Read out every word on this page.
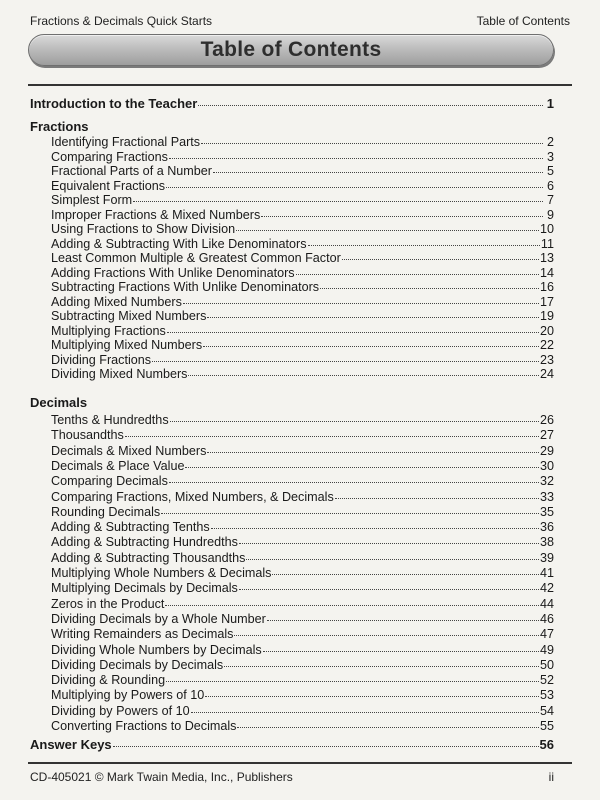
Fractions & Decimals Quick Starts	Table of Contents
Table of Contents
Introduction to the Teacher	1
Fractions
Identifying Fractional Parts	2
Comparing Fractions	3
Fractional Parts of a Number	5
Equivalent Fractions	6
Simplest Form	7
Improper Fractions & Mixed Numbers	9
Using Fractions to Show Division	10
Adding & Subtracting With Like Denominators	11
Least Common Multiple & Greatest Common Factor	13
Adding Fractions With Unlike Denominators	14
Subtracting Fractions With Unlike Denominators	16
Adding Mixed Numbers	17
Subtracting Mixed Numbers	19
Multiplying Fractions	20
Multiplying Mixed Numbers	22
Dividing Fractions	23
Dividing Mixed Numbers	24
Decimals
Tenths & Hundredths	26
Thousandths	27
Decimals & Mixed Numbers	29
Decimals & Place Value	30
Comparing Decimals	32
Comparing Fractions, Mixed Numbers, & Decimals	33
Rounding Decimals	35
Adding & Subtracting Tenths	36
Adding & Subtracting Hundredths	38
Adding & Subtracting Thousandths	39
Multiplying Whole Numbers & Decimals	41
Multiplying Decimals by Decimals	42
Zeros in the Product	44
Dividing Decimals by a Whole Number	46
Writing Remainders as Decimals	47
Dividing Whole Numbers by Decimals	49
Dividing Decimals by Decimals	50
Dividing & Rounding	52
Multiplying by Powers of 10	53
Dividing by Powers of 10	54
Converting Fractions to Decimals	55
Answer Keys	56
CD-405021 © Mark Twain Media, Inc., Publishers	ii
